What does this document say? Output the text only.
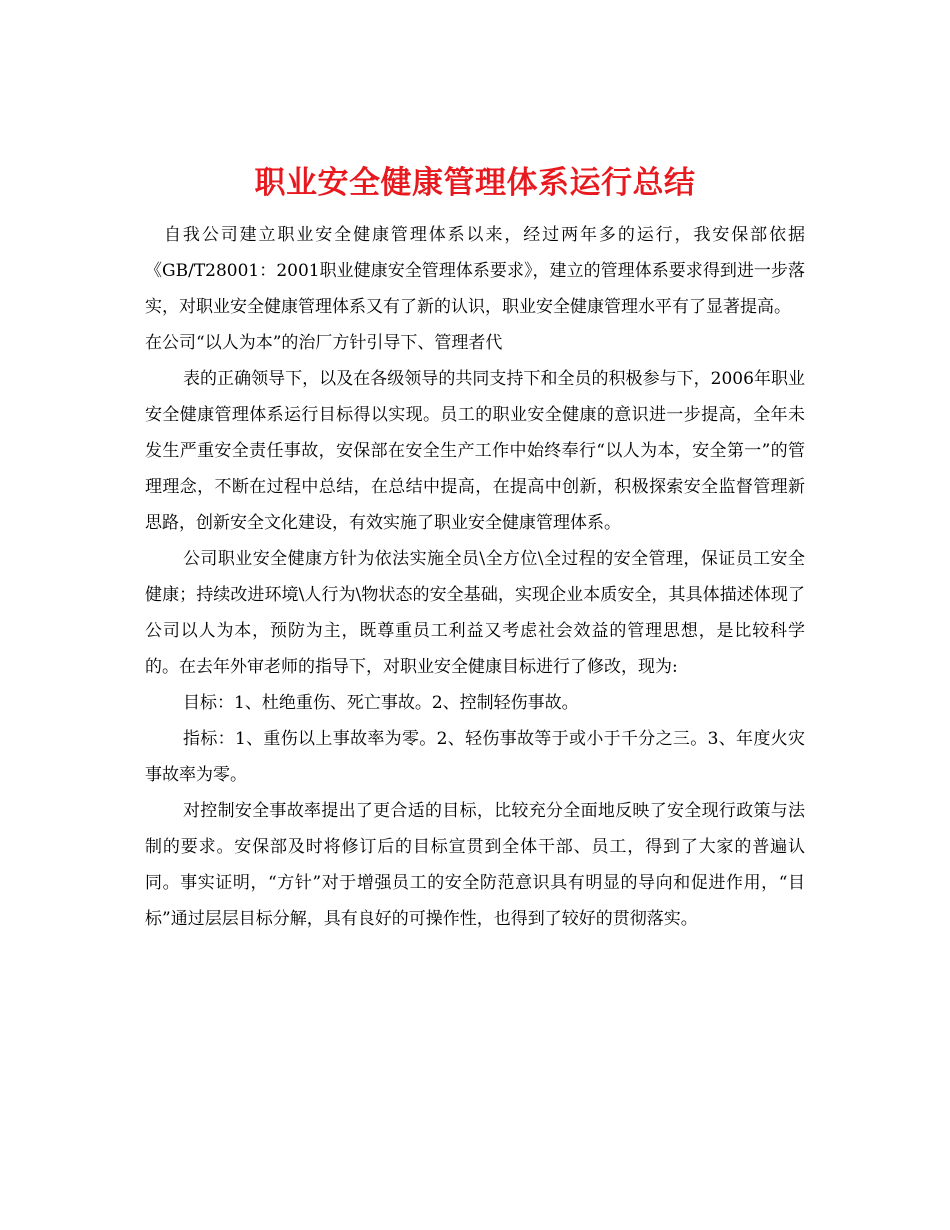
职业安全健康管理体系运行总结

自我公司建立职业安全健康管理体系以来，经过两年多的运行，我安保部依据《GB/T28001：2001职业健康安全管理体系要求》，建立的管理体系要求得到进一步落实，对职业安全健康管理体系又有了新的认识，职业安全健康管理水平有了显著提高。

在公司“以人为本”的治厂方针引导下、管理者代

表的正确领导下，以及在各级领导的共同支持下和全员的积极参与下，2006年职业安全健康管理体系运行目标得以实现。员工的职业安全健康的意识进一步提高，全年未发生严重安全责任事故，安保部在安全生产工作中始终奉行“以人为本，安全第一”的管理理念，不断在过程中总结，在总结中提高，在提高中创新，积极探索安全监督管理新思路，创新安全文化建设，有效实施了职业安全健康管理体系。

公司职业安全健康方针为依法实施全员\全方位\全过程的安全管理，保证员工安全健康；持续改进环境\人行为\物状态的安全基础，实现企业本质安全，其具体描述体现了公司以人为本，预防为主，既尊重员工利益又考虑社会效益的管理思想，是比较科学的。在去年外审老师的指导下，对职业安全健康目标进行了修改，现为:

目标：1、杜绝重伤、死亡事故。2、控制轻伤事故。

指标：1、重伤以上事故率为零。2、轻伤事故等于或小于千分之三。3、年度火灾事故率为零。

对控制安全事故率提出了更合适的目标，比较充分全面地反映了安全现行政策与法制的要求。安保部及时将修订后的目标宣贯到全体干部、员工，得到了大家的普遍认同。事实证明，“方针”对于增强员工的安全防范意识具有明显的导向和促进作用，“目标”通过层层目标分解，具有良好的可操作性，也得到了较好的贯彻落实。
